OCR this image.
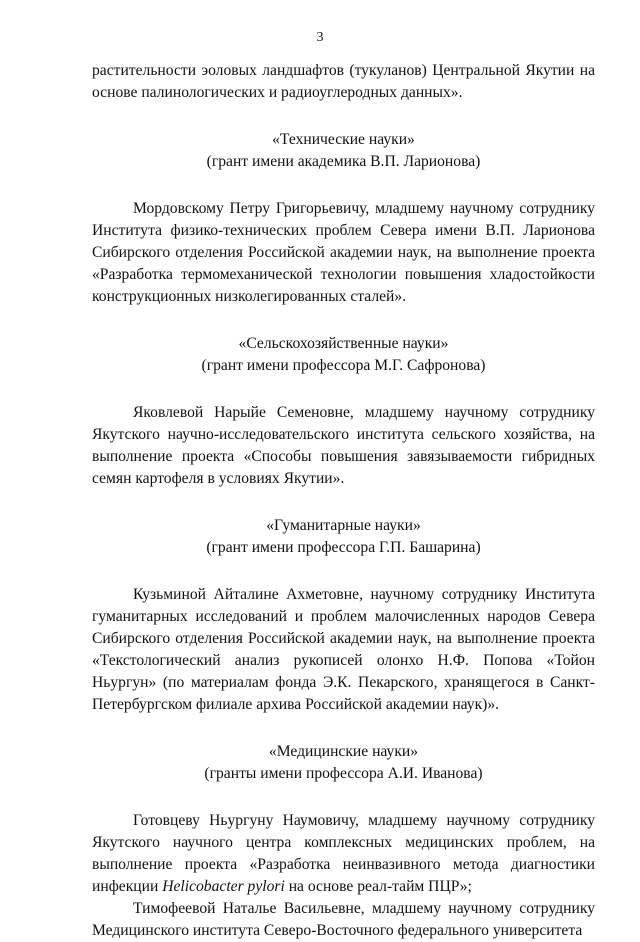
3

растительности эоловых ландшафтов (тукуланов) Центральной Якутии на основе палинологических и радиоуглеродных данных».

«Технические науки»

(грант имени академика В.П. Ларионова)

Мордовскому Петру Григорьевичу, младшему научному сотруднику Института физико-технических проблем Севера имени В.П. Ларионова Сибирского отделения Российской академии наук, на выполнение проекта «Разработка термомеханической технологии повышения хладостойкости конструкционных низколегированных сталей».

«Сельскохозяйственные науки»

(грант имени профессора М.Г. Сафронова)

Яковлевой Нарыйе Семеновне, младшему научному сотруднику Якутского научно-исследовательского института сельского хозяйства, на выполнение проекта «Способы повышения завязываемости гибридных семян картофеля в условиях Якутии».

«Гуманитарные науки»

(грант имени профессора Г.П. Башарина)

Кузьминой Айталине Ахметовне, научному сотруднику Института гуманитарных исследований и проблем малочисленных народов Севера Сибирского отделения Российской академии наук, на выполнение проекта «Текстологический анализ рукописей олонхо Н.Ф. Попова «Тойон Ньургун» (по материалам фонда Э.К. Пекарского, хранящегося в Санкт-Петербургском филиале архива Российской академии наук)».

«Медицинские науки»

(гранты имени профессора А.И. Иванова)

Готовцеву Ньургуну Наумовичу, младшему научному сотруднику Якутского научного центра комплексных медицинских проблем, на выполнение проекта «Разработка неинвазивного метода диагностики инфекции Helicobacter pylori на основе реал-тайм ПЦР»;

Тимофеевой Наталье Васильевне, младшему научному сотруднику Медицинского института Северо-Восточного федерального университета
